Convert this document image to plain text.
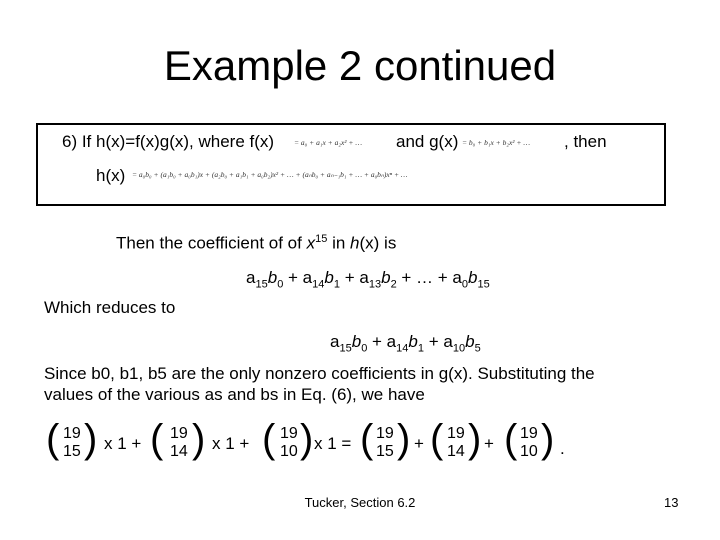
Example 2 continued
6) If h(x)=f(x)g(x), where f(x)	= a₀ + a₁x + a₂x² + … and g(x) = b₀ + b₁x + b₂x² + … , then
h(x) = a₀b₀ + (a₁b₀ + a₀b₁)x + (a₂b₀ + a₁b₁ + a₀b₂)x² + … + (aₙb₀ + aₙ₋₁b₁ + … + a₀bₙ)xⁿ + …
Then the coefficient of of $x^{15}$ in h(x) is
$a_{15}b_0 + a_{14}b_1 + a_{13}b_2$ + … + $a_0b_{15}$
Which reduces to
$a_{15}b_0 + a_{14}b_1 + a_{10}b_5$
Since b0, b1, b5 are the only nonzero coefficients in g(x). Substituting the
values of the various as and bs in Eq. (6), we have
( 19
15 ) x 1 + ( 19
14 ) x 1 + ( 19
10 ) x 1 = ( 19
15 ) + ( 19
14 ) + ( 19
10 ) .
Tucker, Section 6.2	13
